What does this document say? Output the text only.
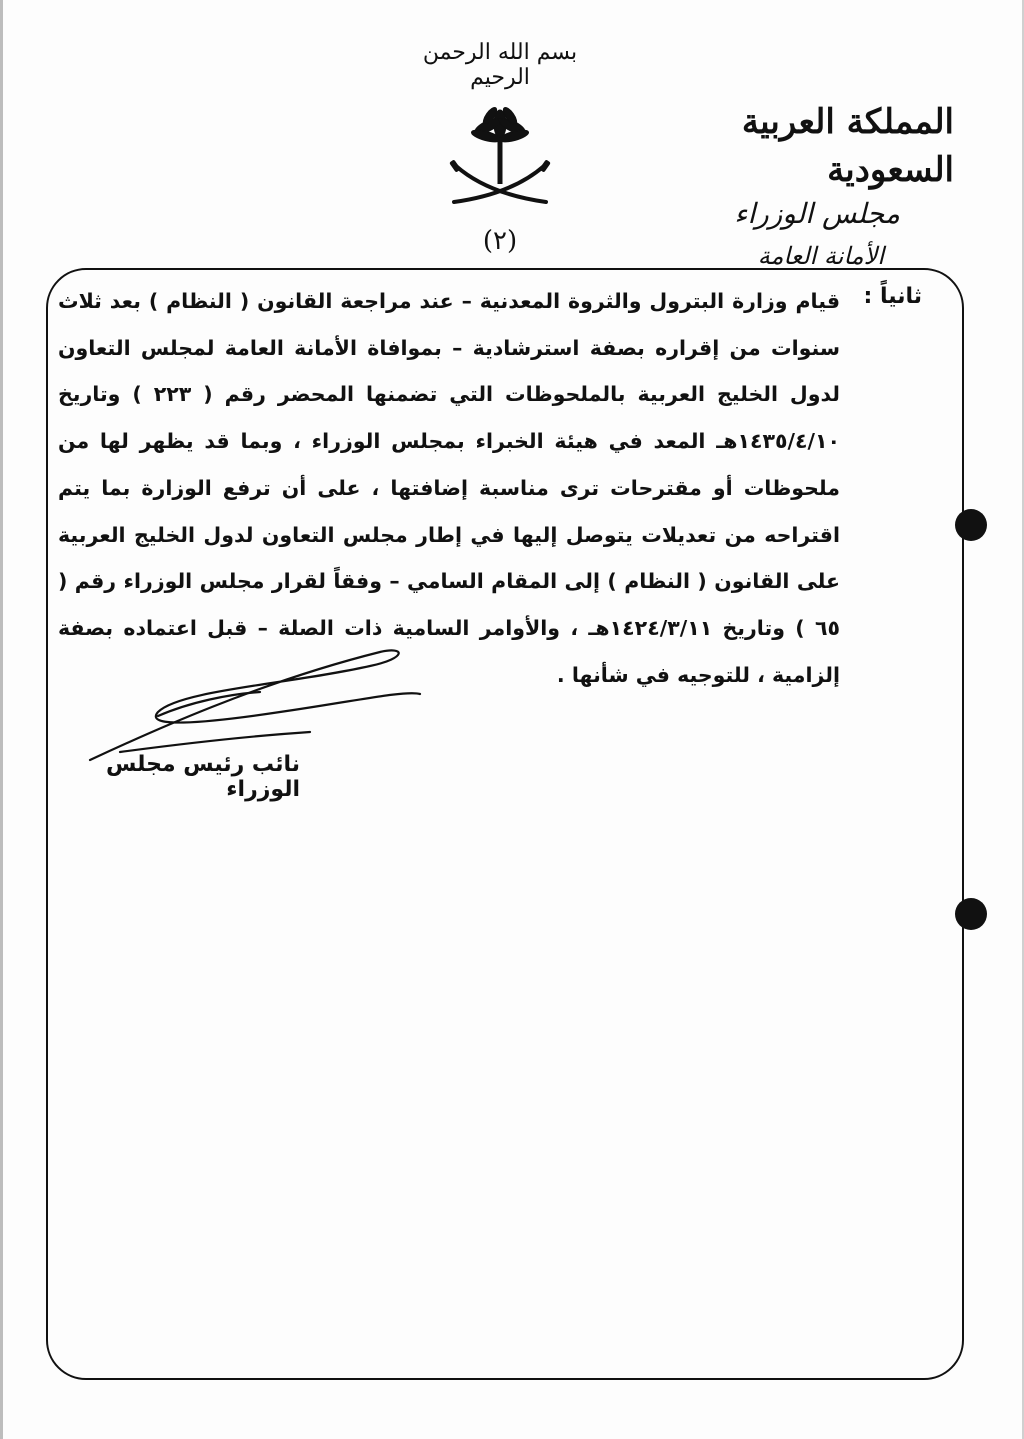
بسم الله الرحمن الرحيم
(٢)
المملكة العربية السعودية
مجلس الوزراء
الأمانة العامة
ثانياً :
قيام وزارة البترول والثروة المعدنية – عند مراجعة القانون ( النظام ) بعد ثلاث سنوات من إقراره بصفة استرشادية – بموافاة الأمانة العامة لمجلس التعاون لدول الخليج العربية بالملحوظات التي تضمنها المحضر رقم ( ٢٢٣ ) وتاريخ ١٤٣٥/٤/١٠هـ المعد في هيئة الخبراء بمجلس الوزراء ، وبما قد يظهر لها من ملحوظات أو مقترحات ترى مناسبة إضافتها ، على أن ترفع الوزارة بما يتم اقتراحه من تعديلات يتوصل إليها في إطار مجلس التعاون لدول الخليج العربية على القانون ( النظام ) إلى المقام السامي – وفقاً لقرار مجلس الوزراء رقم ( ٦٥ ) وتاريخ ١٤٢٤/٣/١١هـ ، والأوامر السامية ذات الصلة – قبل اعتماده بصفة إلزامية ، للتوجيه في شأنها .
نائب رئيس مجلس الوزراء
